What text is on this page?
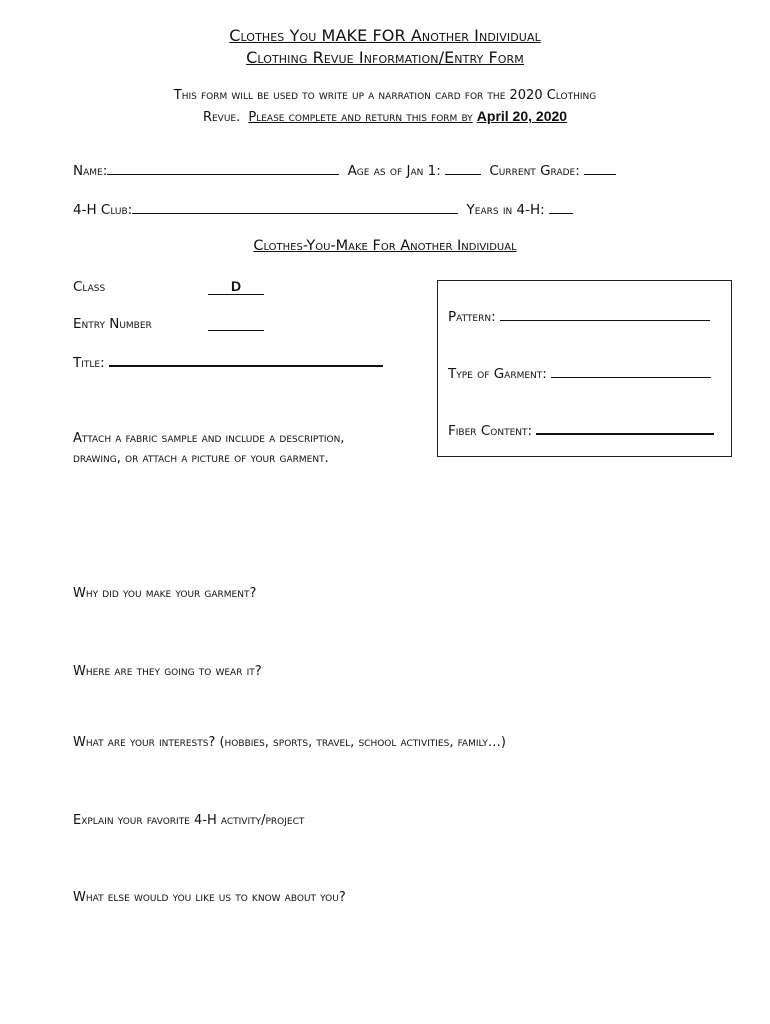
Clothes You MAKE FOR Another Individual
Clothing Revue Information/Entry Form
This form will be used to write up a narration card for the 2020 Clothing
Revue. Please complete and return this form by April 20, 2020
Name:	Age as of Jan 1:	Current Grade:
4-H Club:	Years in 4-H:
Clothes-You-Make For Another Individual
Class	D
Entry Number
Title:
Pattern:
Type of Garment:
Fiber Content:
Attach a fabric sample and include a description,
drawing, or attach a picture of your garment.
Why did you make your garment?
Where are they going to wear it?
What are your interests? (hobbies, sports, travel, school activities, family…)
Explain your favorite 4-H activity/project
What else would you like us to know about you?
